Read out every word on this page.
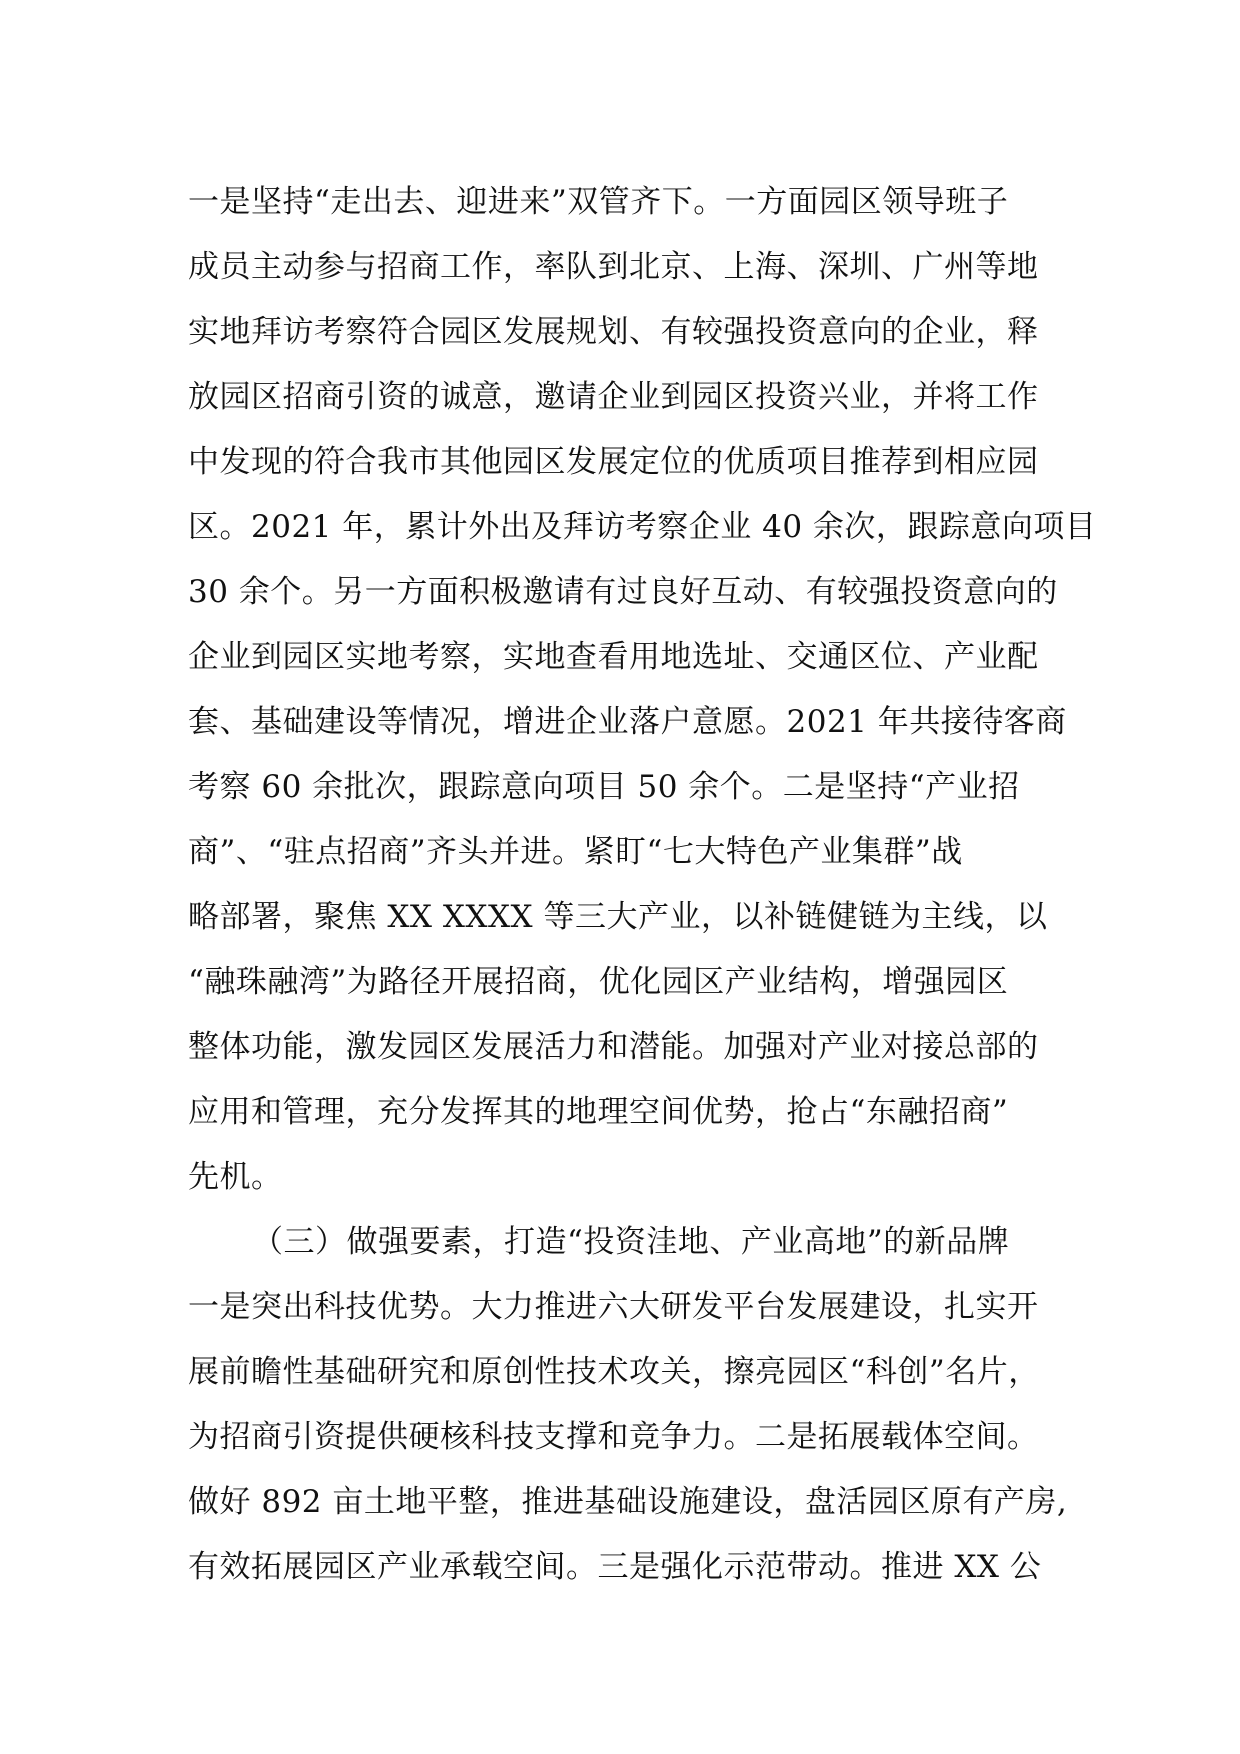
一是坚持“走出去、迎进来”双管齐下。一方面园区领导班子
成员主动参与招商工作，率队到北京、上海、深圳、广州等地
实地拜访考察符合园区发展规划、有较强投资意向的企业，释
放园区招商引资的诚意，邀请企业到园区投资兴业，并将工作
中发现的符合我市其他园区发展定位的优质项目推荐到相应园
区。2021 年，累计外出及拜访考察企业 40 余次，跟踪意向项目
30 余个。另一方面积极邀请有过良好互动、有较强投资意向的
企业到园区实地考察，实地查看用地选址、交通区位、产业配
套、基础建设等情况，增进企业落户意愿。2021 年共接待客商
考察 60 余批次，跟踪意向项目 50 余个。二是坚持“产业招
商”、“驻点招商”齐头并进。紧盯“七大特色产业集群”战
略部署，聚焦 XX XXXX 等三大产业，以补链健链为主线，以
“融珠融湾”为路径开展招商，优化园区产业结构，增强园区
整体功能，激发园区发展活力和潜能。加强对产业对接总部的
应用和管理，充分发挥其的地理空间优势，抢占“东融招商”
先机。
（三）做强要素，打造“投资洼地、产业高地”的新品牌
一是突出科技优势。大力推进六大研发平台发展建设，扎实开
展前瞻性基础研究和原创性技术攻关，擦亮园区“科创”名片，
为招商引资提供硬核科技支撑和竞争力。二是拓展载体空间。
做好 892 亩土地平整，推进基础设施建设，盘活园区原有产房,
有效拓展园区产业承载空间。三是强化示范带动。推进 XX 公
